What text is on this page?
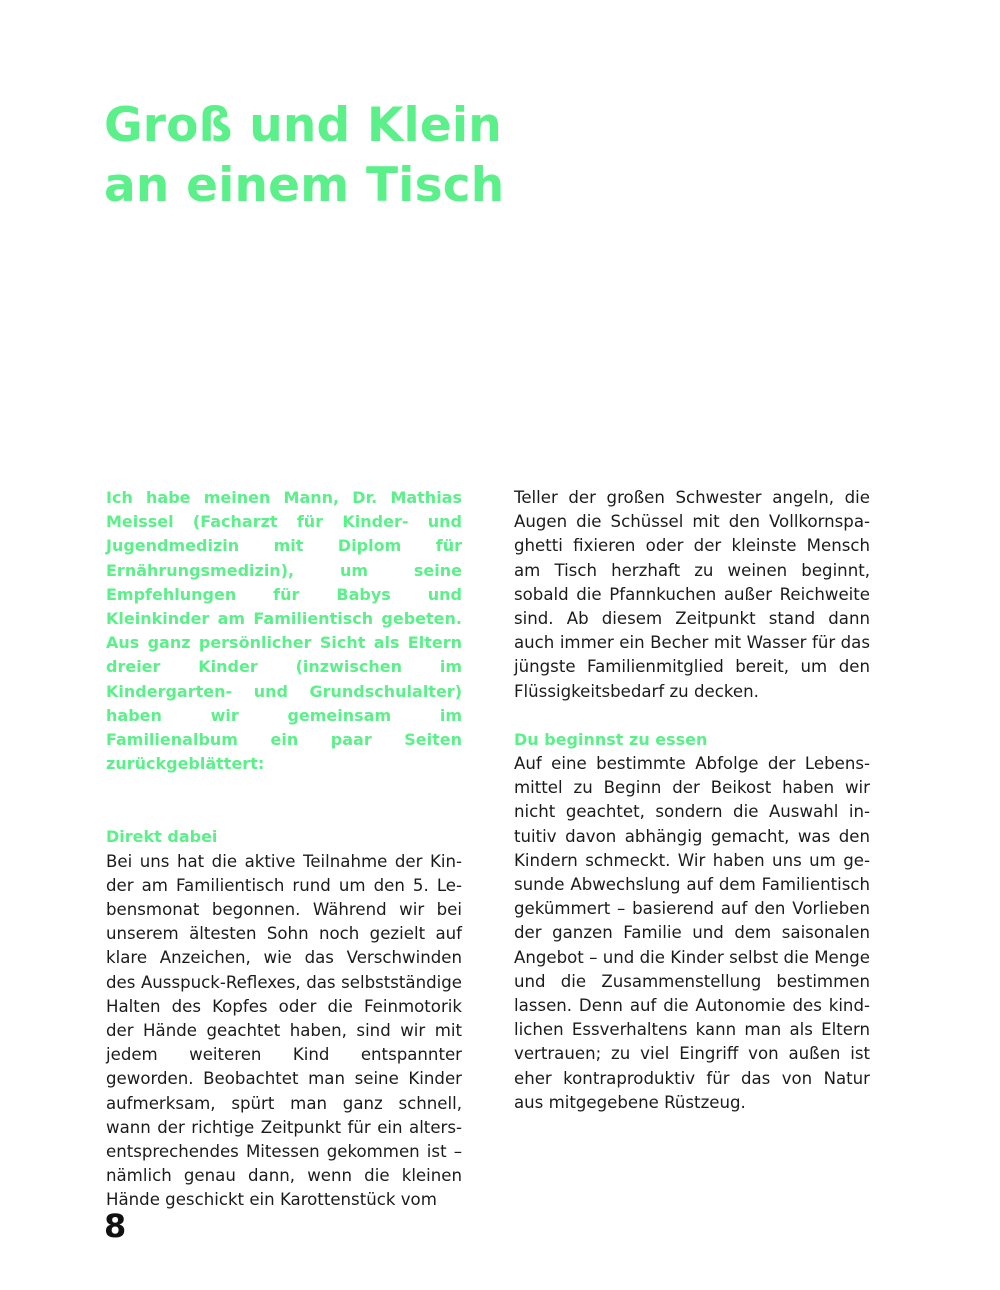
Groß und Klein
an einem Tisch

Ich habe meinen Mann, Dr. Mathias Meissel (Facharzt für Kinder- und Jugendmedizin mit Diplom für Ernährungsmedizin), um seine Empfehlungen für Babys und Kleinkinder am Familientisch gebeten. Aus ganz persönlicher Sicht als Eltern dreier Kinder (inzwischen im Kindergarten- und Grundschulalter) haben wir gemeinsam im Familienalbum ein paar Seiten zurückgeblättert:

Direkt dabei

Bei uns hat die aktive Teilnahme der Kinder am Familientisch rund um den 5. Lebensmonat begonnen. Während wir bei unserem ältesten Sohn noch gezielt auf klare Anzeichen, wie das Verschwinden des Ausspuck-Reflexes, das selbstständige Halten des Kopfes oder die Feinmotorik der Hände geachtet haben, sind wir mit jedem weiteren Kind entspannter geworden. Beobachtet man seine Kinder aufmerksam, spürt man ganz schnell, wann der richtige Zeitpunkt für ein altersentsprechendes Mitessen gekommen ist – nämlich genau dann, wenn die kleinen Hände geschickt ein Karottenstück vom

Teller der großen Schwester angeln, die Augen die Schüssel mit den Vollkornspaghetti fixieren oder der kleinste Mensch am Tisch herzhaft zu weinen beginnt, sobald die Pfannkuchen außer Reichweite sind. Ab diesem Zeitpunkt stand dann auch immer ein Becher mit Wasser für das jüngste Familienmitglied bereit, um den Flüssigkeitsbedarf zu decken.

Du beginnst zu essen

Auf eine bestimmte Abfolge der Lebensmittel zu Beginn der Beikost haben wir nicht geachtet, sondern die Auswahl intuitiv davon abhängig gemacht, was den Kindern schmeckt. Wir haben uns um gesunde Abwechslung auf dem Familientisch gekümmert – basierend auf den Vorlieben der ganzen Familie und dem saisonalen Angebot – und die Kinder selbst die Menge und die Zusammenstellung bestimmen lassen. Denn auf die Autonomie des kindlichen Essverhaltens kann man als Eltern vertrauen; zu viel Eingriff von außen ist eher kontraproduktiv für das von Natur aus mitgegebene Rüstzeug.

8
